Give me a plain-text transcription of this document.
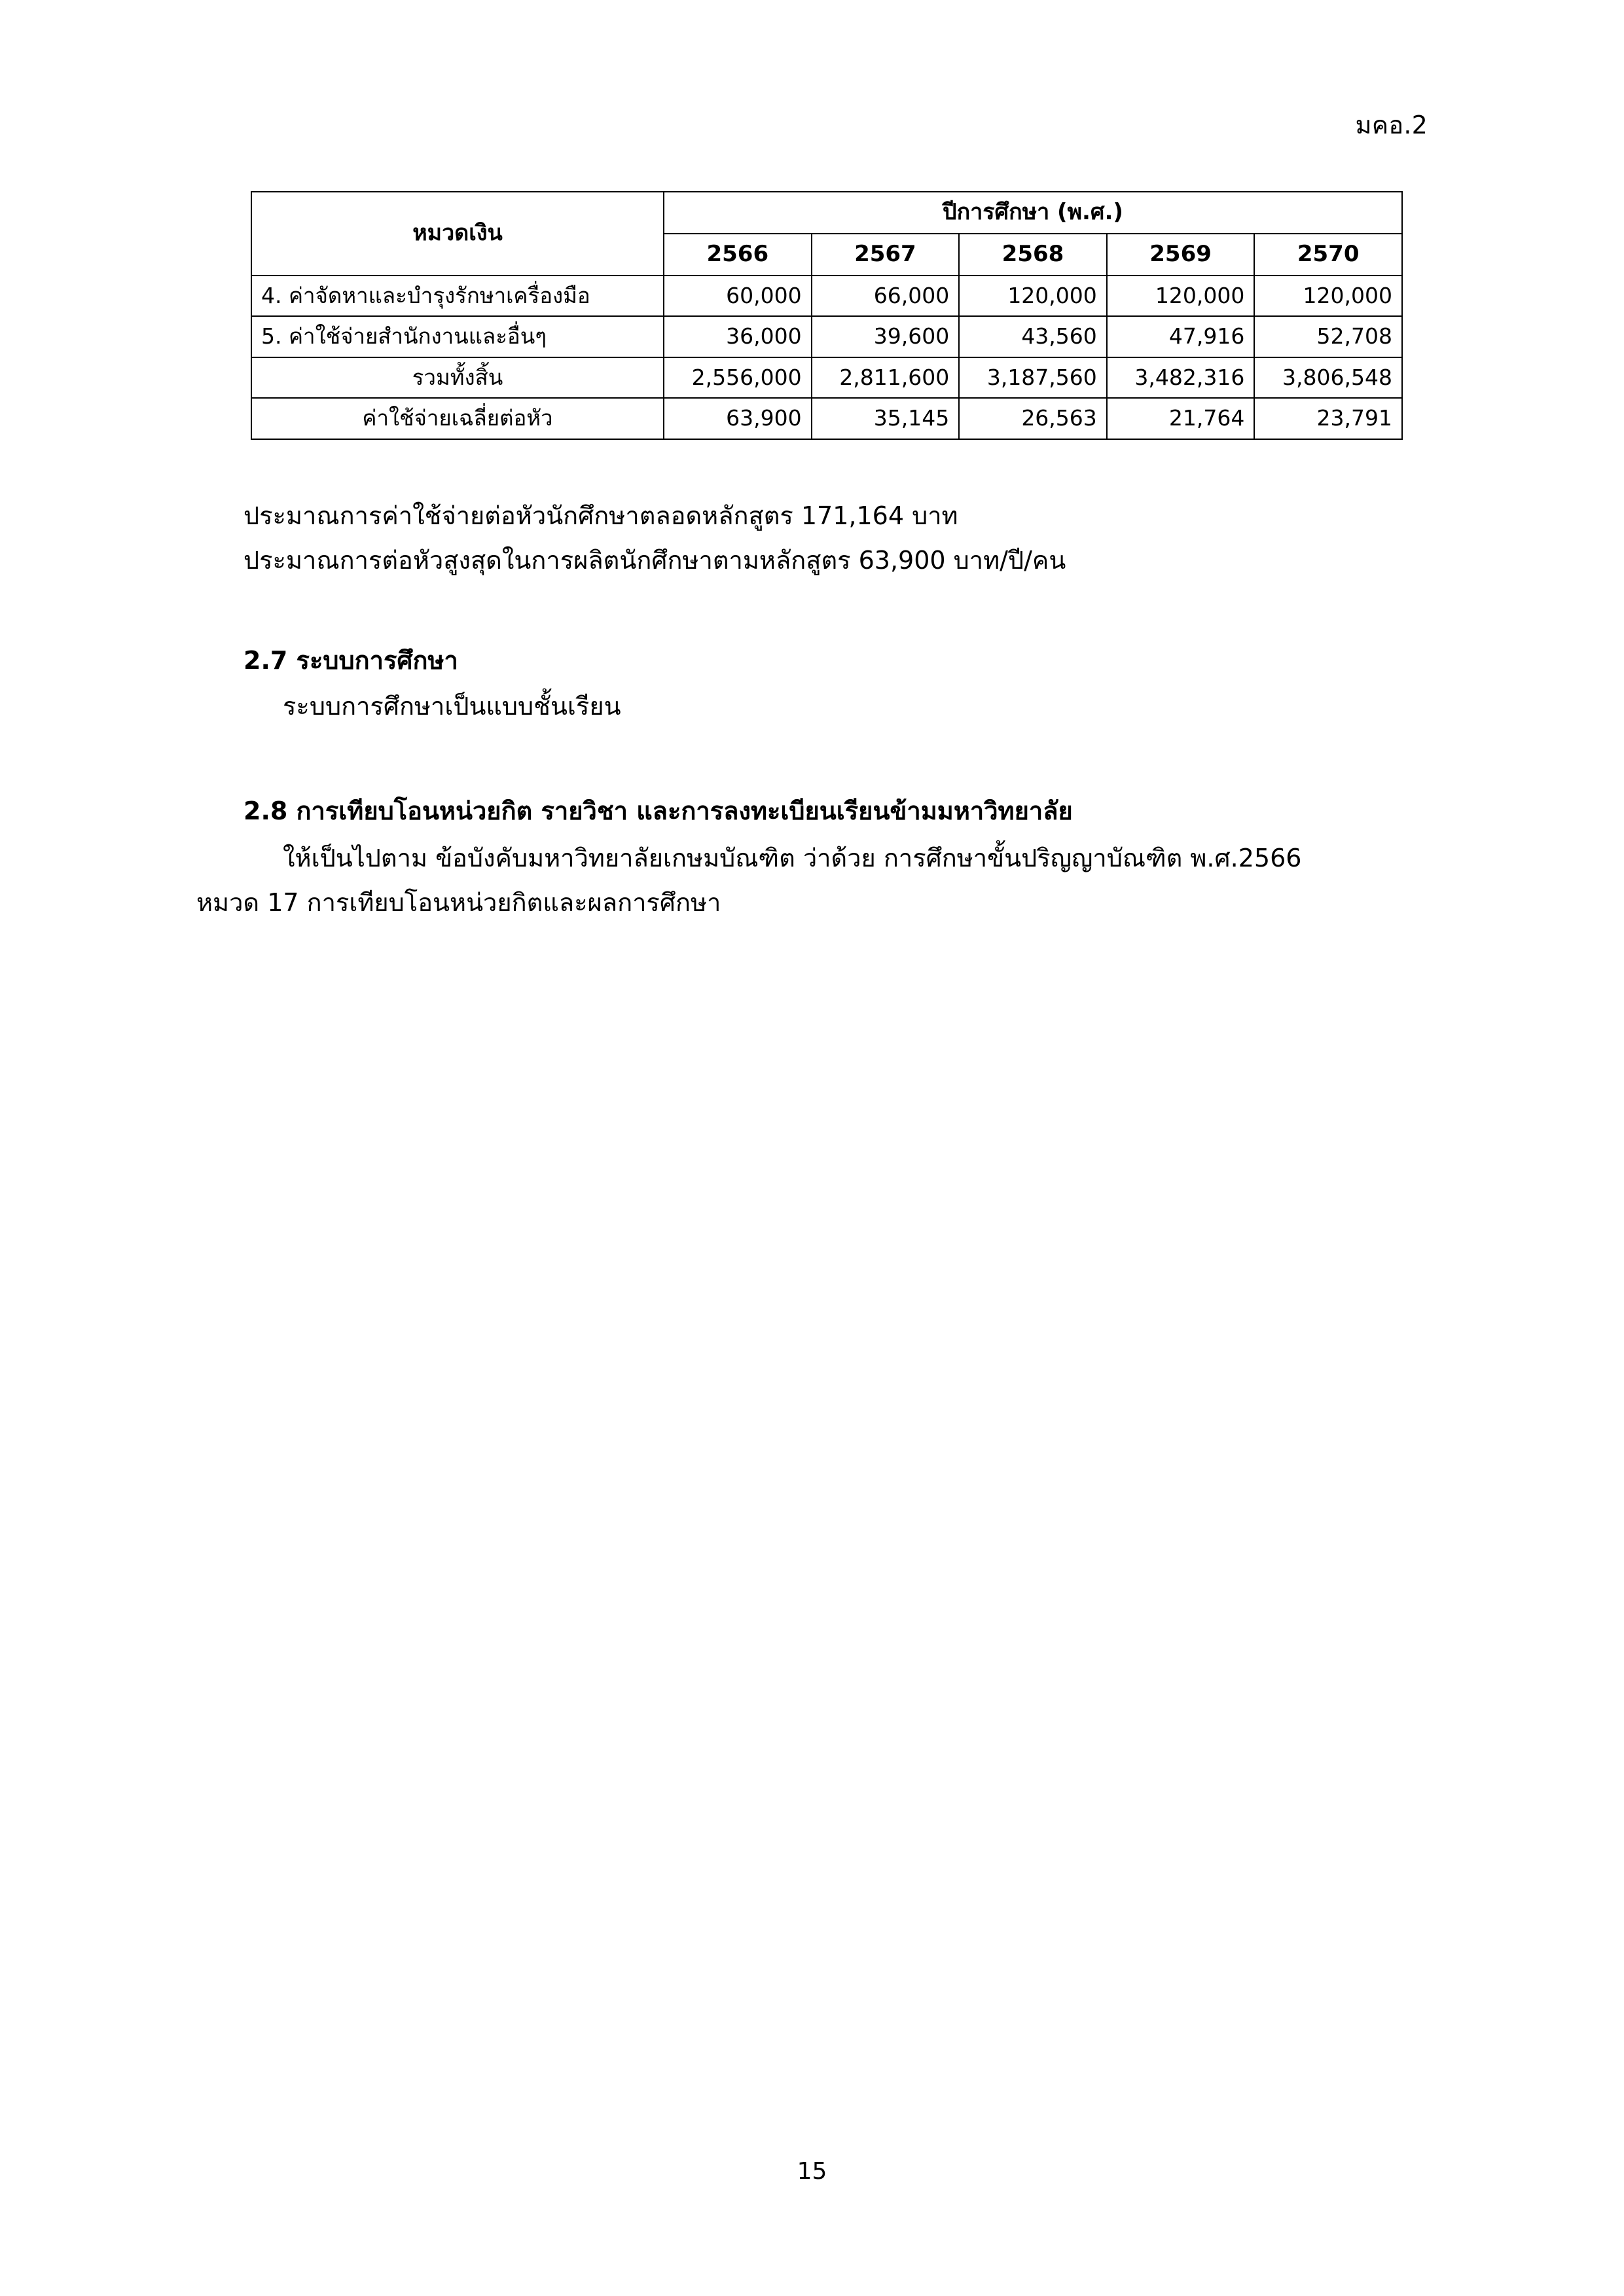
มคอ.2
หมวดเงิน	ปีการศึกษา (พ.ศ.)				
	2566	2567	2568	2569	2570
4. ค่าจัดหาและบำรุงรักษาเครื่องมือ	60,000	66,000	120,000	120,000	120,000
5. ค่าใช้จ่ายสำนักงานและอื่นๆ	36,000	39,600	43,560	47,916	52,708
รวมทั้งสิ้น	2,556,000	2,811,600	3,187,560	3,482,316	3,806,548
ค่าใช้จ่ายเฉลี่ยต่อหัว	63,900	35,145	26,563	21,764	23,791
ประมาณการค่าใช้จ่ายต่อหัวนักศึกษาตลอดหลักสูตร 171,164 บาท
ประมาณการต่อหัวสูงสุดในการผลิตนักศึกษาตามหลักสูตร 63,900 บาท/ปี/คน
2.7 ระบบการศึกษา
ระบบการศึกษาเป็นแบบชั้นเรียน
2.8 การเทียบโอนหน่วยกิต รายวิชา และการลงทะเบียนเรียนข้ามมหาวิทยาลัย
ให้เป็นไปตาม ข้อบังคับมหาวิทยาลัยเกษมบัณฑิต ว่าด้วย การศึกษาขั้นปริญญาบัณฑิต พ.ศ.2566
หมวด 17 การเทียบโอนหน่วยกิตและผลการศึกษา
15
